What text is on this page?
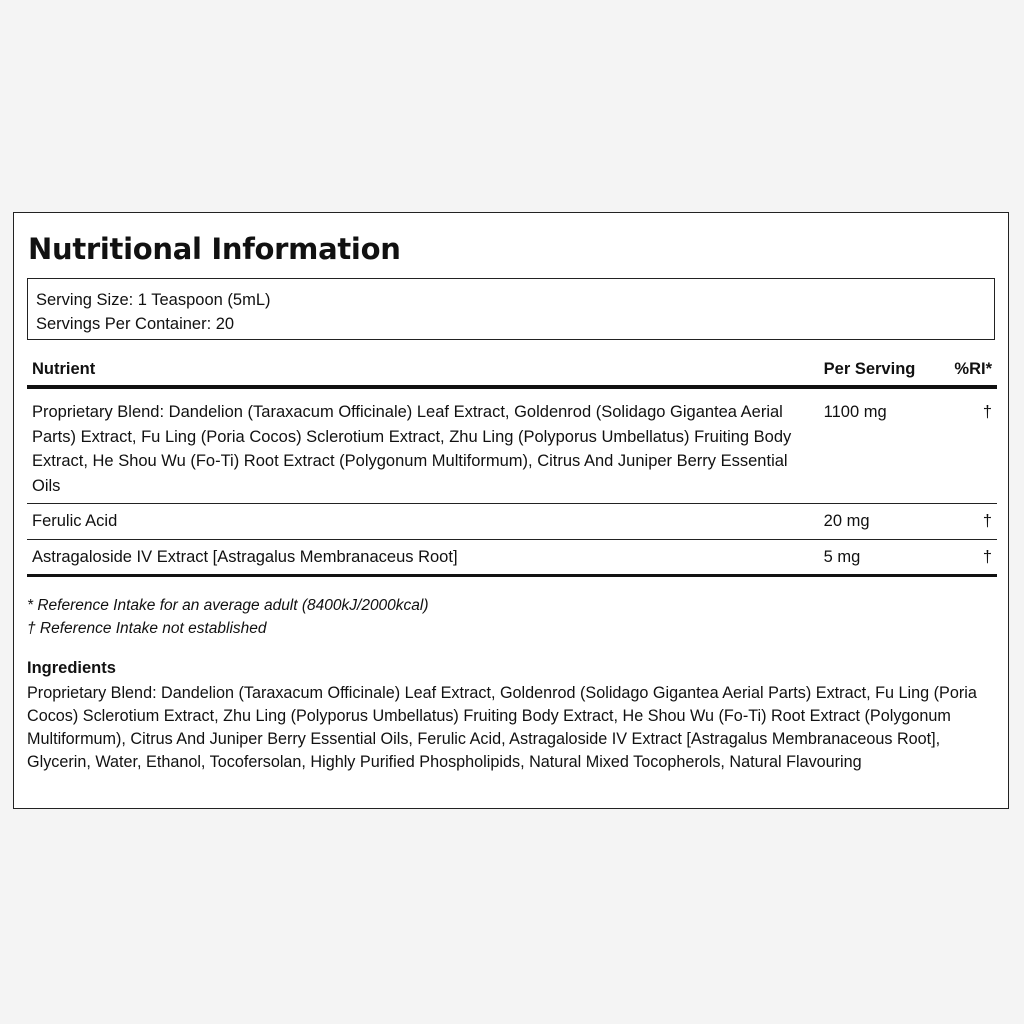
Nutritional Information
Serving Size: 1 Teaspoon (5mL)
Servings Per Container: 20
Nutrient	Per Serving	%RI*
Proprietary Blend: Dandelion (Taraxacum Officinale) Leaf Extract, Goldenrod (Solidago Gigantea Aerial Parts) Extract, Fu Ling (Poria Cocos) Sclerotium Extract, Zhu Ling (Polyporus Umbellatus) Fruiting Body Extract, He Shou Wu (Fo-Ti) Root Extract (Polygonum Multiformum), Citrus And Juniper Berry Essential Oils	1100 mg	†
Ferulic Acid	20 mg	†
Astragaloside IV Extract [Astragalus Membranaceus Root]	5 mg	†
* Reference Intake for an average adult (8400kJ/2000kcal)
† Reference Intake not established
Ingredients
Proprietary Blend: Dandelion (Taraxacum Officinale) Leaf Extract, Goldenrod (Solidago Gigantea Aerial Parts) Extract, Fu Ling (Poria Cocos) Sclerotium Extract, Zhu Ling (Polyporus Umbellatus) Fruiting Body Extract, He Shou Wu (Fo-Ti) Root Extract (Polygonum Multiformum), Citrus And Juniper Berry Essential Oils, Ferulic Acid, Astragaloside IV Extract [Astragalus Membranaceous Root], Glycerin, Water, Ethanol, Tocofersolan, Highly Purified Phospholipids, Natural Mixed Tocopherols, Natural Flavouring
